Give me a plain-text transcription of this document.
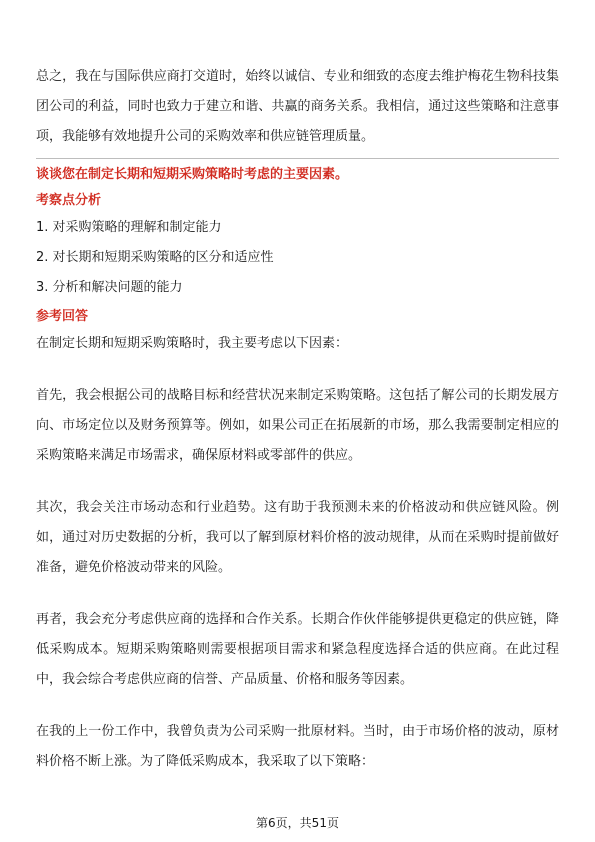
总之，我在与国际供应商打交道时，始终以诚信、专业和细致的态度去维护梅花生物科技集团公司的利益，同时也致力于建立和谐、共赢的商务关系。我相信，通过这些策略和注意事项，我能够有效地提升公司的采购效率和供应链管理质量。

谈谈您在制定长期和短期采购策略时考虑的主要因素。

考察点分析

1. 对采购策略的理解和制定能力
2. 对长期和短期采购策略的区分和适应性
3. 分析和解决问题的能力

参考回答

在制定长期和短期采购策略时，我主要考虑以下因素：

首先，我会根据公司的战略目标和经营状况来制定采购策略。这包括了解公司的长期发展方向、市场定位以及财务预算等。例如，如果公司正在拓展新的市场，那么我需要制定相应的采购策略来满足市场需求，确保原材料或零部件的供应。

其次，我会关注市场动态和行业趋势。这有助于我预测未来的价格波动和供应链风险。例如，通过对历史数据的分析，我可以了解到原材料价格的波动规律，从而在采购时提前做好准备，避免价格波动带来的风险。

再者，我会充分考虑供应商的选择和合作关系。长期合作伙伴能够提供更稳定的供应链，降低采购成本。短期采购策略则需要根据项目需求和紧急程度选择合适的供应商。在此过程中，我会综合考虑供应商的信誉、产品质量、价格和服务等因素。

在我的上一份工作中，我曾负责为公司采购一批原材料。当时，由于市场价格的波动，原材料价格不断上涨。为了降低采购成本，我采取了以下策略：

第6页，共51页
